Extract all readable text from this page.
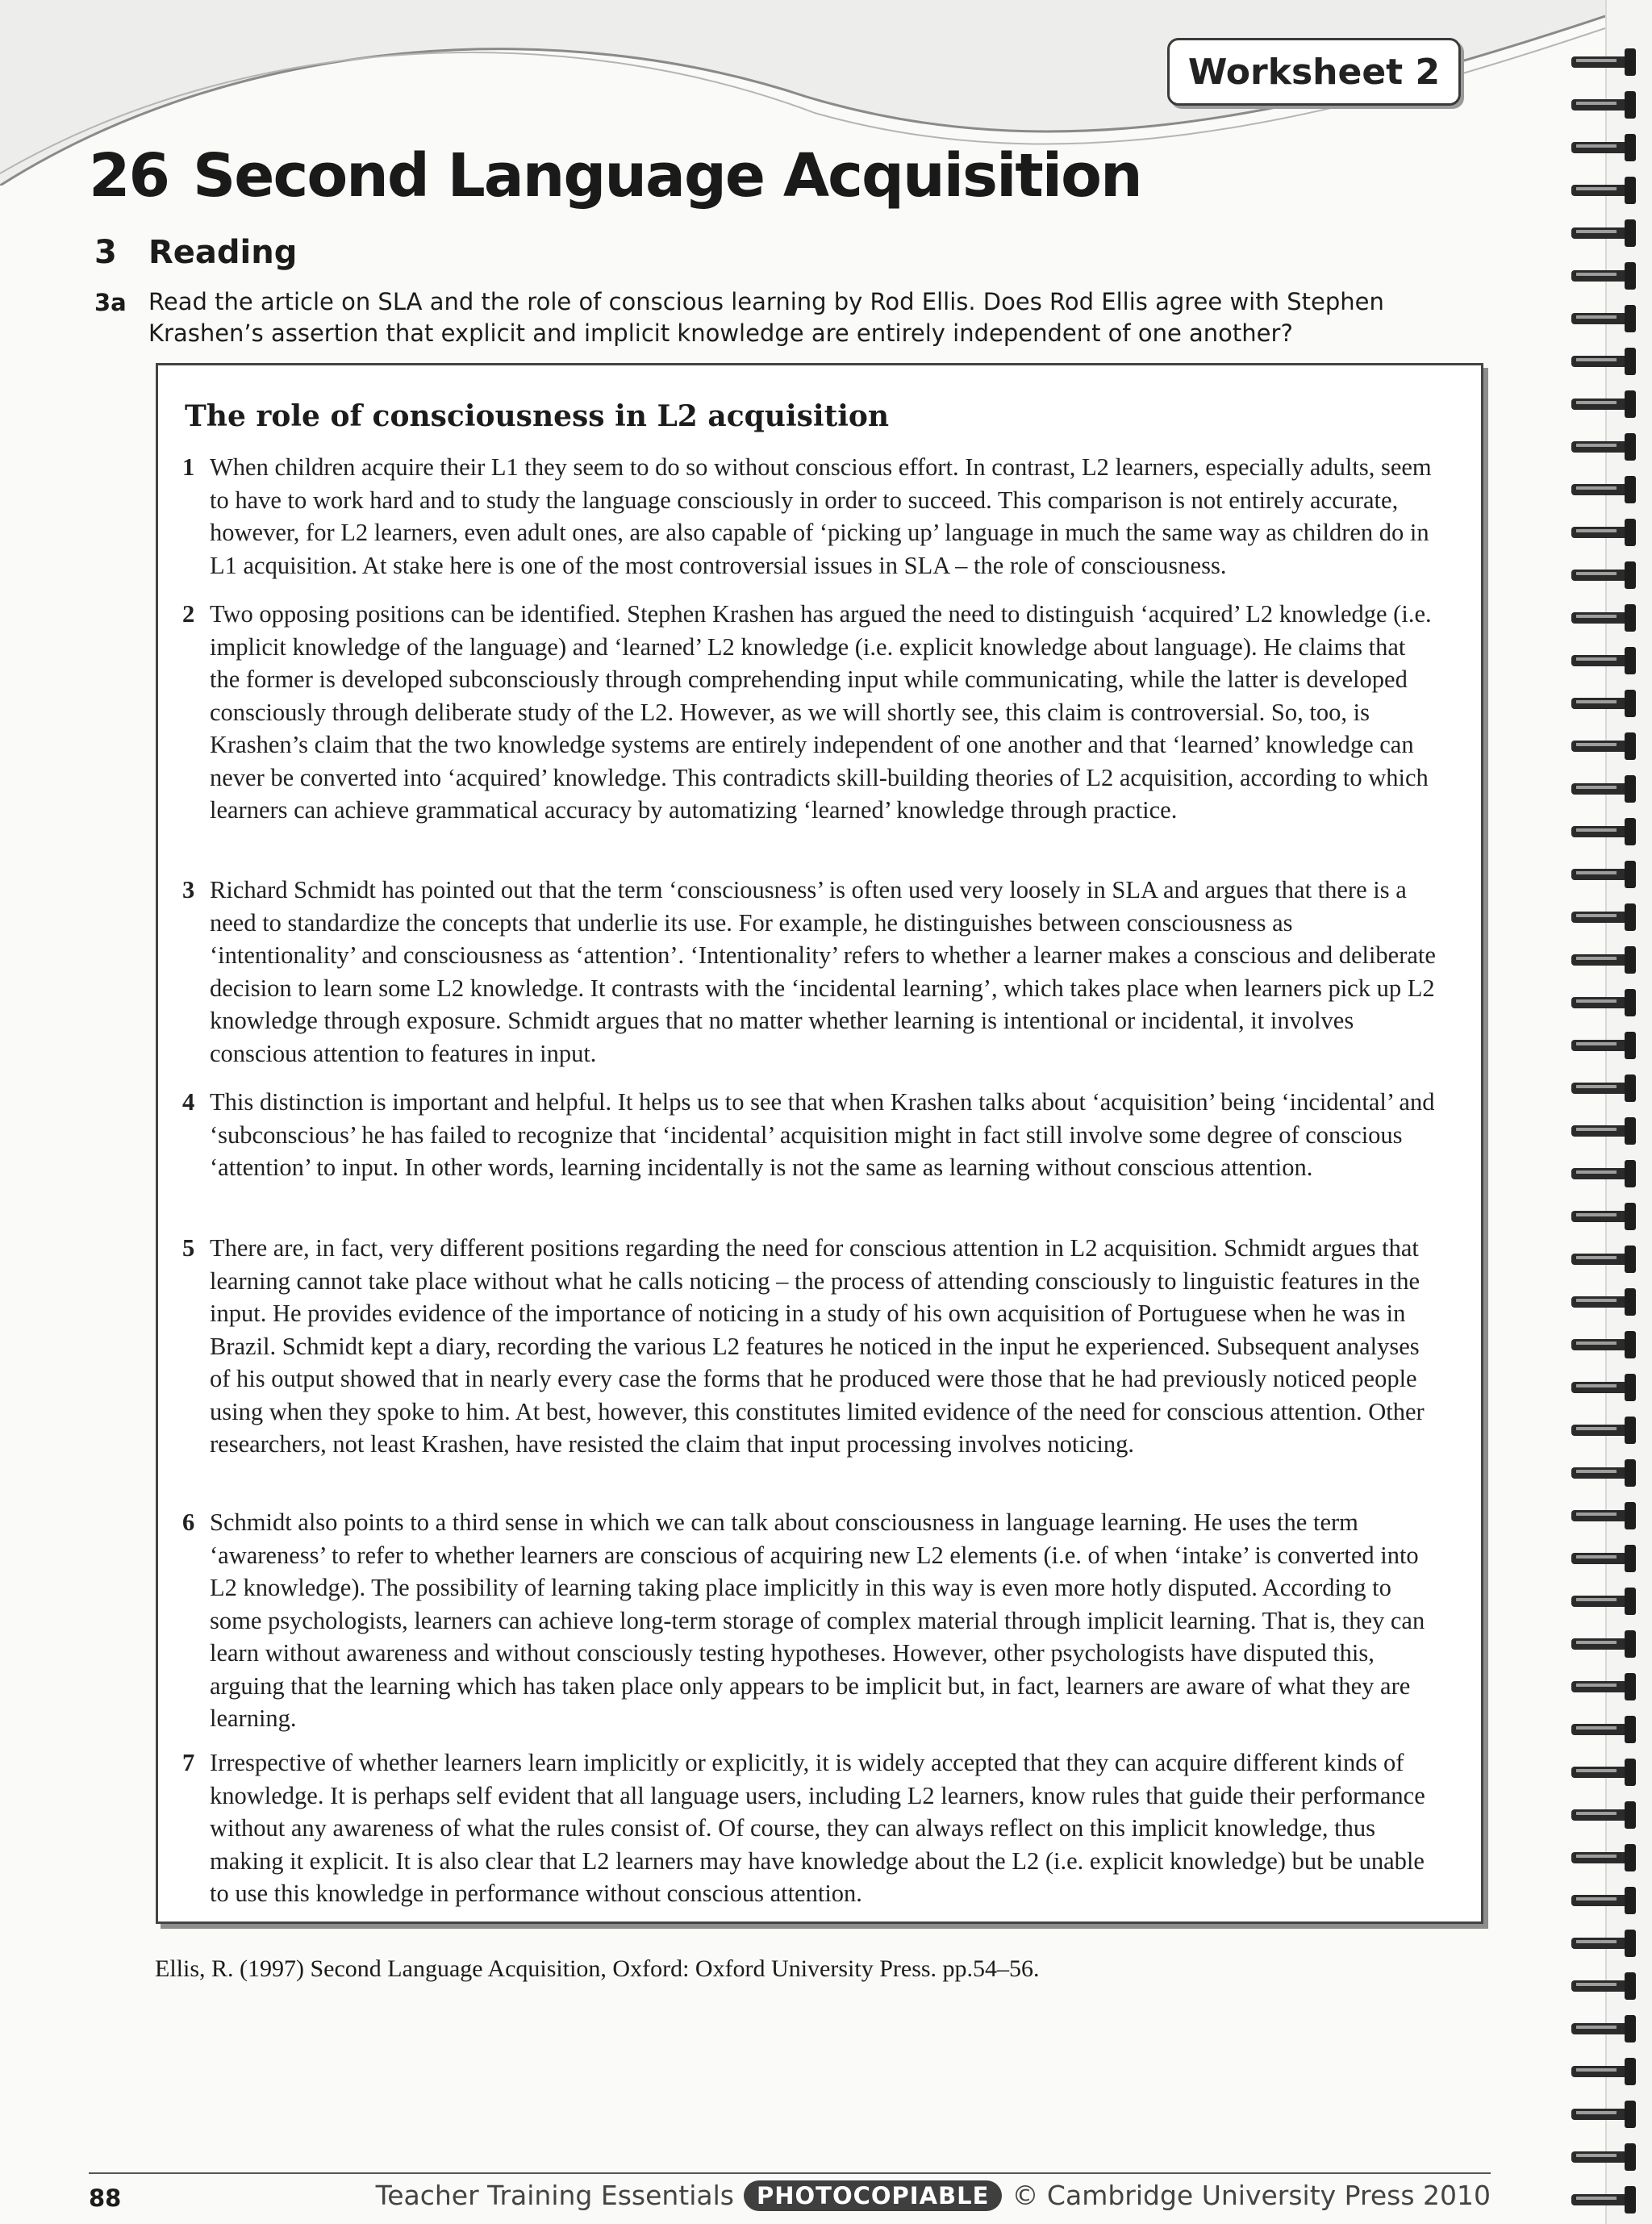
Worksheet 2
26 Second Language Acquisition
3 Reading
3a Read the article on SLA and the role of conscious learning by Rod Ellis. Does Rod Ellis agree with Stephen Krashen’s assertion that explicit and implicit knowledge are entirely independent of one another?
The role of consciousness in L2 acquisition
1 When children acquire their L1 they seem to do so without conscious effort. In contrast, L2 learners, especially adults, seem to have to work hard and to study the language consciously in order to succeed. This comparison is not entirely accurate, however, for L2 learners, even adult ones, are also capable of ‘picking up’ language in much the same way as children do in L1 acquisition. At stake here is one of the most controversial issues in SLA – the role of consciousness.
2 Two opposing positions can be identified. Stephen Krashen has argued the need to distinguish ‘acquired’ L2 knowledge (i.e. implicit knowledge of the language) and ‘learned’ L2 knowledge (i.e. explicit knowledge about language). He claims that the former is developed subconsciously through comprehending input while communicating, while the latter is developed consciously through deliberate study of the L2. However, as we will shortly see, this claim is controversial. So, too, is Krashen’s claim that the two knowledge systems are entirely independent of one another and that ‘learned’ knowledge can never be converted into ‘acquired’ knowledge. This contradicts skill-building theories of L2 acquisition, according to which learners can achieve grammatical accuracy by automatizing ‘learned’ knowledge through practice.
3 Richard Schmidt has pointed out that the term ‘consciousness’ is often used very loosely in SLA and argues that there is a need to standardize the concepts that underlie its use. For example, he distinguishes between consciousness as ‘intentionality’ and consciousness as ‘attention’. ‘Intentionality’ refers to whether a learner makes a conscious and deliberate decision to learn some L2 knowledge. It contrasts with the ‘incidental learning’, which takes place when learners pick up L2 knowledge through exposure. Schmidt argues that no matter whether learning is intentional or incidental, it involves conscious attention to features in input.
4 This distinction is important and helpful. It helps us to see that when Krashen talks about ‘acquisition’ being ‘incidental’ and ‘subconscious’ he has failed to recognize that ‘incidental’ acquisition might in fact still involve some degree of conscious ‘attention’ to input. In other words, learning incidentally is not the same as learning without conscious attention.
5 There are, in fact, very different positions regarding the need for conscious attention in L2 acquisition. Schmidt argues that learning cannot take place without what he calls noticing – the process of attending consciously to linguistic features in the input. He provides evidence of the importance of noticing in a study of his own acquisition of Portuguese when he was in Brazil. Schmidt kept a diary, recording the various L2 features he noticed in the input he experienced. Subsequent analyses of his output showed that in nearly every case the forms that he produced were those that he had previously noticed people using when they spoke to him. At best, however, this constitutes limited evidence of the need for conscious attention. Other researchers, not least Krashen, have resisted the claim that input processing involves noticing.
6 Schmidt also points to a third sense in which we can talk about consciousness in language learning. He uses the term ‘awareness’ to refer to whether learners are conscious of acquiring new L2 elements (i.e. of when ‘intake’ is converted into L2 knowledge). The possibility of learning taking place implicitly in this way is even more hotly disputed. According to some psychologists, learners can achieve long-term storage of complex material through implicit learning. That is, they can learn without awareness and without consciously testing hypotheses. However, other psychologists have disputed this, arguing that the learning which has taken place only appears to be implicit but, in fact, learners are aware of what they are learning.
7 Irrespective of whether learners learn implicitly or explicitly, it is widely accepted that they can acquire different kinds of knowledge. It is perhaps self evident that all language users, including L2 learners, know rules that guide their performance without any awareness of what the rules consist of. Of course, they can always reflect on this implicit knowledge, thus making it explicit. It is also clear that L2 learners may have knowledge about the L2 (i.e. explicit knowledge) but be unable to use this knowledge in performance without conscious attention.
Ellis, R. (1997) Second Language Acquisition, Oxford: Oxford University Press. pp.54–56.
88	Teacher Training Essentials PHOTOCOPIABLE © Cambridge University Press 2010
